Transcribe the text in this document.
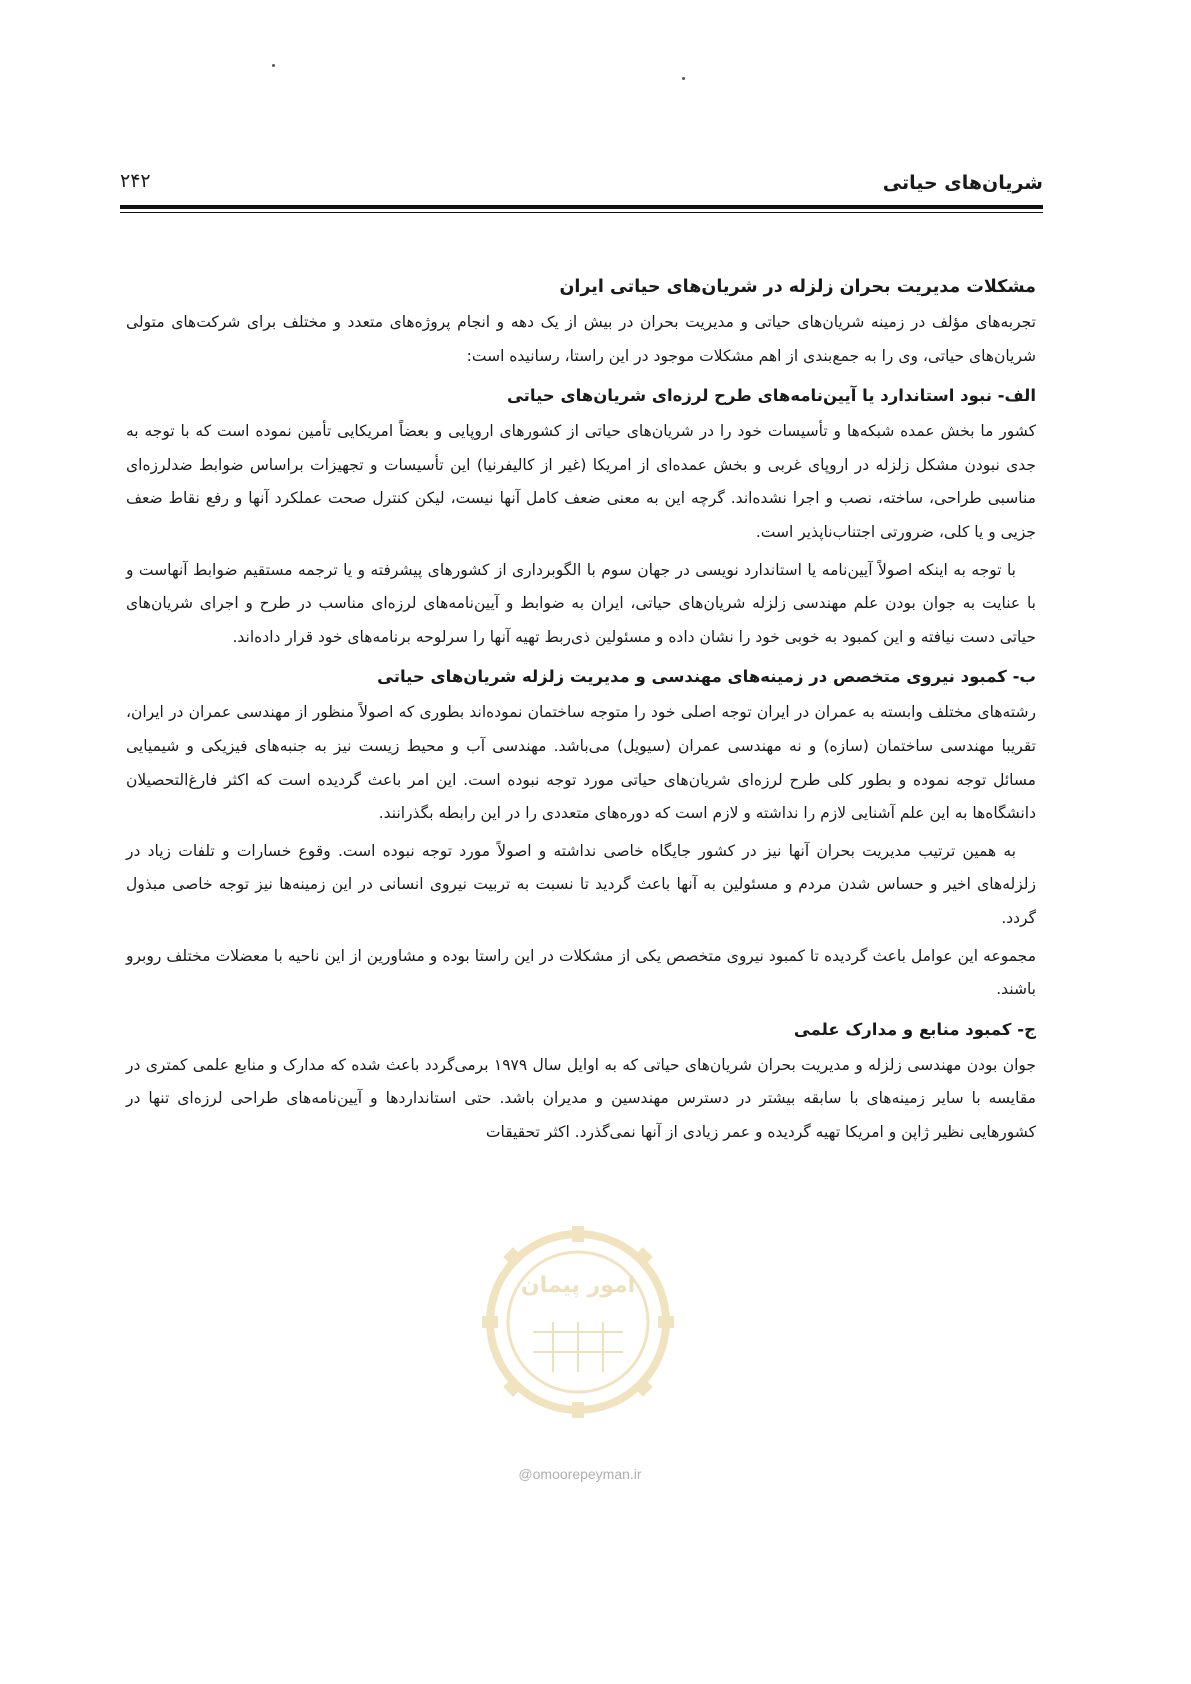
شریان‌های حیاتی
۲۴۲
مشکلات مدیریت بحران زلزله در شریان‌های حیاتی ایران

تجربه‌های مؤلف در زمینه شریان‌های حیاتی و مدیریت بحران در بیش از یک دهه و انجام پروژه‌های متعدد و مختلف برای شرکت‌های متولی شریان‌های حیاتی، وی را به جمع‌بندی از اهم مشکلات موجود در این راستا، رسانیده است:

الف- نبود استاندارد یا آیین‌نامه‌های طرح لرزه‌ای شریان‌های حیاتی

کشور ما بخش عمده شبکه‌ها و تأسیسات خود را در شریان‌های حیاتی از کشورهای اروپایی و بعضاً امریکایی تأمین نموده است که با توجه به جدی نبودن مشکل زلزله در اروپای غربی و بخش عمده‌ای از امریکا (غیر از کالیفرنیا) این تأسیسات و تجهیزات براساس ضوابط ضدلرزه‌ای مناسبی طراحی، ساخته، نصب و اجرا نشده‌اند. گرچه این به معنی ضعف کامل آنها نیست، لیکن کنترل صحت عملکرد آنها و رفع نقاط ضعف جزیی و یا کلی، ضرورتی اجتناب‌ناپذیر است.

با توجه به اینکه اصولاً آیین‌نامه یا استاندارد نویسی در جهان سوم با الگوبرداری از کشورهای پیشرفته و یا ترجمه مستقیم ضوابط آنهاست و با عنایت به جوان بودن علم مهندسی زلزله شریان‌های حیاتی، ایران به ضوابط و آیین‌نامه‌های لرزه‌ای مناسب در طرح و اجرای شریان‌های حیاتی دست نیافته و این کمبود به خوبی خود را نشان داده و مسئولین ذی‌ربط تهیه آنها را سرلوحه برنامه‌های خود قرار داده‌اند.

ب- کمبود نیروی متخصص در زمینه‌های مهندسی و مدیریت زلزله شریان‌های حیاتی

رشته‌های مختلف وابسته به عمران در ایران توجه اصلی خود را متوجه ساختمان نموده‌اند بطوری که اصولاً منظور از مهندسی عمران در ایران، تقریبا مهندسی ساختمان (سازه) و نه مهندسی عمران (سیویل) می‌باشد. مهندسی آب و محیط زیست نیز به جنبه‌های فیزیکی و شیمیایی مسائل توجه نموده و بطور کلی طرح لرزه‌ای شریان‌های حیاتی مورد توجه نبوده است. این امر باعث گردیده است که اکثر فارغ‌التحصیلان دانشگاه‌ها به این علم آشنایی لازم را نداشته و لازم است که دوره‌های متعددی را در این رابطه بگذرانند.

به همین ترتیب مدیریت بحران آنها نیز در کشور جایگاه خاصی نداشته و اصولاً مورد توجه نبوده است. وقوع خسارات و تلفات زیاد در زلزله‌های اخیر و حساس شدن مردم و مسئولین به آنها باعث گردید تا نسبت به تربیت نیروی انسانی در این زمینه‌ها نیز توجه خاصی مبذول گردد.

مجموعه این عوامل باعث گردیده تا کمبود نیروی متخصص یکی از مشکلات در این راستا بوده و مشاورین از این ناحیه با معضلات مختلف روبرو باشند.

ج- کمبود منابع و مدارک علمی

جوان بودن مهندسی زلزله و مدیریت بحران شریان‌های حیاتی که به اوایل سال ۱۹۷۹ برمی‌گردد باعث شده که مدارک و منابع علمی کمتری در مقایسه با سایر زمینه‌های با سابقه بیشتر در دسترس مهندسین و مدیران باشد. حتی استانداردها و آیین‌نامه‌های طراحی لرزه‌ای تنها در کشورهایی نظیر ژاپن و امریکا تهیه گردیده و عمر زیادی از آنها نمی‌گذرد. اکثر تحقیقات

امور پیمان
@omoorepeyman.ir
